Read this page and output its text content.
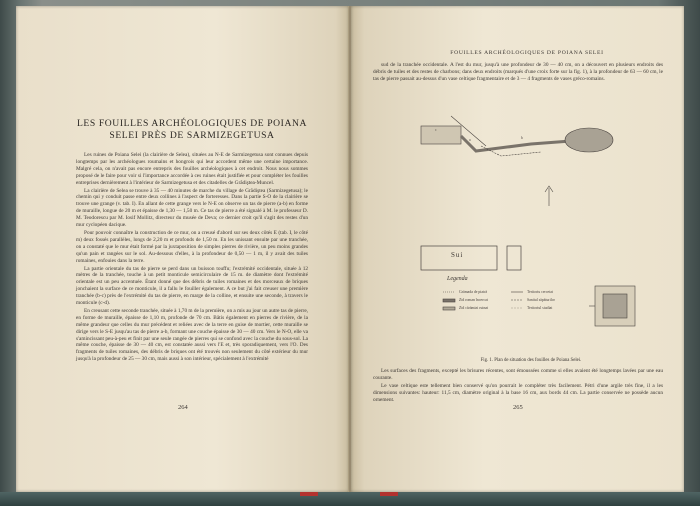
LES FOUILLES ARCHÉOLOGIQUES DE POIANA
SELEI PRÈS DE SARMIZEGETUSA

Les ruines de Poiana Selei (la clairière de Selea), situées au N-E de Sarmizegetusa sont connues depuis longtemps par les archéologues roumains et hongrois qui leur accordent même une certaine importance. Malgré cela, on n'avait pas encore entrepris des fouilles archéologiques à cet endroit. Nous nous sommes proposé de le faire pour voir si l'importance accordée à ces ruines était justifiée et pour compléter les fouilles entreprises dernièrement à l'intérieur de Sarmizegetusa et des citadelles de Grădiştea-Muncel.

La clairière de Selea se trouve à 35 — 40 minutes de marche du village de Grădiştea (Sarmizegetusa); le chemin qui y conduit passe entre deux collines à l'aspect de forteresses. Dans la partie S-O de la clairière se trouve une grange (v. tab. I). En allant de cette grange vers le N-E on observe un tas de pierre (a-b) en forme de muraille, longue de 20 m et épaisse de 1,30 — 1,50 m. Ce tas de pierre a été signalé à M. le professeur D. M. Teodorescu par M. Iosif Mollitz, directeur du musée de Deva; ce dernier croit qu'il s'agit des restes d'un mur cyclopéen dacique.

Pour pouvoir connaître la construction de ce mur, on a creusé d'abord sur ses deux côtés E (tab. I, le côté m) deux fossés parallèles, longs de 2,20 m et profonds de 1,50 m. En les unissant ensuite par une tranchée, on a constaté que le mur était formé par la juxtaposition de simples pierres de rivière, un peu moins grandes qu'un pain et rangées sur le sol. Au-dessous d'elles, à la profondeur de 0,50 — 1 m, il y avait des tuiles romaines, enfouies dans la terre.

La partie orientale du tas de pierre se perd dans un buisson touffu; l'extrémité occidentale, située à 12 mètres de la tranchée, touche à un petit monticule semicirculaire de 15 m. de diamètre dont l'extrémité orientale est un peu accentuée. Étant donné que des débris de tuiles romaines et des morceaux de briques jonchaient la surface de ce monticule, il a fallu le fouiller également. A ce but j'ai fait creuser une première tranchée (b-c) près de l'extrémité du tas de pierre, en marge de la colline, et ensuite une seconde, à travers le monticule (c-d).

En creusant cette seconde tranchée, située à 1,70 m de la première, on a mis au jour un autre tas de pierre, en forme de muraille, épaisse de 1,10 m, profonde de 70 cm. Bâtis également en pierres de rivière, de la même grandeur que celles du mur précédent et reliées avec de la terre en guise de mortier, cette muraille se dirige vers le S-E jusqu'au tas de pierre a-b, formant une couche épaisse de 30 — 40 cm. Vers le N-O, elle va s'amincissant peu-à-peu et finit par une seule rangée de pierres qui se confond avec la couche du sous-sol. La même couche, épaisse de 30 — 40 cm, est constatée aussi vers l'E et, très sporadiquement, vers l'O. Des fragments de tuiles romaines, des débris de briques ont été trouvés non seulement du côté extérieur du mur jusqu'à la profondeur de 25 — 30 cm, mais aussi à son intérieur, spécialement à l'extrémité

264
FOUILLES ARCHÉOLOGIQUES DE POIANA SELEI

sud de la tranchée occidentale. A l'est du mur, jusqu'à une profondeur de 30 — 40 cm, on a découvert en plusieurs endroits des débris de tuiles et des restes de charbons; dans deux endroits (marqués d'une croix forte sur la fig. 1), à la profondeur de 63 — 60 cm, le tas de pierre passait au-dessus d'un vase celtique fragmentaire et de 3 — 4 fragments de vases gréco-romains.

Sui
Legenda
Grămada de piatră
Zid roman încercat
Zid cărămizi ruinat
Teritoriu cercetat
Sanitul săpăturilor
Teritoriul studiat
a	b
c
Fig. 1. Plan de situation des fouilles de Poiana Selei.

Les surfaces des fragments, excepté les brisures récentes, sont émoussées comme si elles avaient été longtemps lavées par une eau courante.

Le vase celtique este tellement bien conservé qu'on pourrait le compléter très facilement. Pétri d'une argile très fine, il a les dimensions suivantes: hauteur: 11,5 cm, diamètre original à la base 16 cm, aux bords 44 cm. La partie conservée ne possède aucun ornement.

265
